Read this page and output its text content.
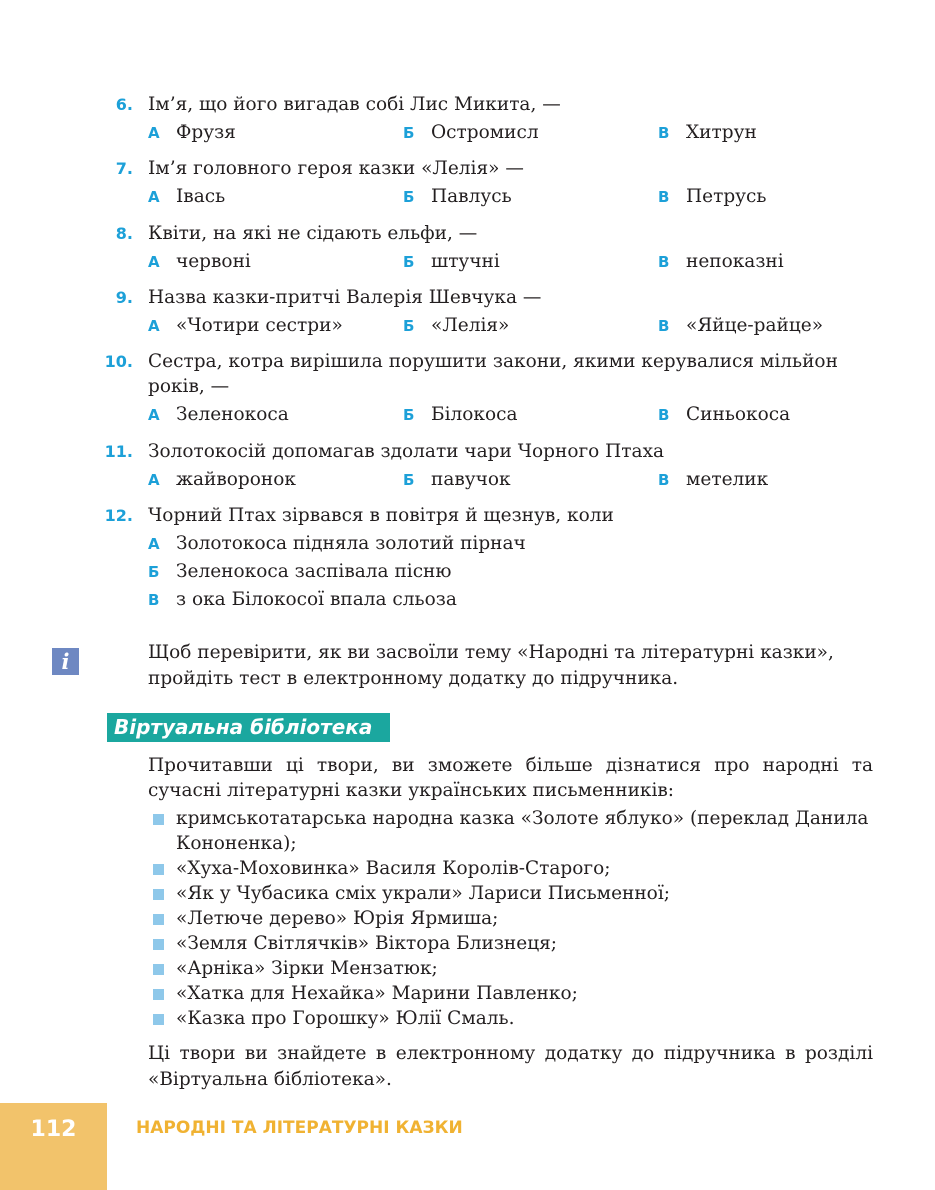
6. Ім’я, що його вигадав собі Лис Микита, —
А Фрузя	Б Остромисл	В Хитрун
7. Ім’я головного героя казки «Лелія» —
А Івась	Б Павлусь	В Петрусь
8. Квіти, на які не сідають ельфи, —
А червоні	Б штучні	В непоказні
9. Назва казки-притчі Валерія Шевчука —
А «Чотири сестри»	Б «Лелія»	В «Яйце-райце»
10. Сестра, котра вирішила порушити закони, якими керувалися мільйон років, —
А Зеленокоса	Б Білокоса	В Синьокоса
11. Золотокосій допомагав здолати чари Чорного Птаха
А жайворонок	Б павучок	В метелик
12. Чорний Птах зірвався в повітря й щезнув, коли
А Золотокоса підняла золотий пірнач
Б Зеленокоса заспівала пісню
В з ока Білокосої впала сльоза
i	Щоб перевірити, як ви засвоїли тему «Народні та літературні казки», пройдіть тест в електронному додатку до підручника.
Віртуальна бібліотека
Прочитавши ці твори, ви зможете більше дізнатися про народні та сучасні літературні казки українських письменників:
кримськотатарська народна казка «Золоте яблуко» (переклад Данила Кононенка);
«Хуха-Моховинка» Василя Королів-Старого;
«Як у Чубасика сміх украли» Лариси Письменної;
«Летюче дерево» Юрія Ярмиша;
«Земля Світлячків» Віктора Близнеця;
«Арніка» Зірки Мензатюк;
«Хатка для Нехайка» Марини Павленко;
«Казка про Горошку» Юлії Смаль.
Ці твори ви знайдете в електронному додатку до підручника в розділі «Віртуальна бібліотека».
112	НАРОДНІ ТА ЛІТЕРАТУРНІ КАЗКИ
